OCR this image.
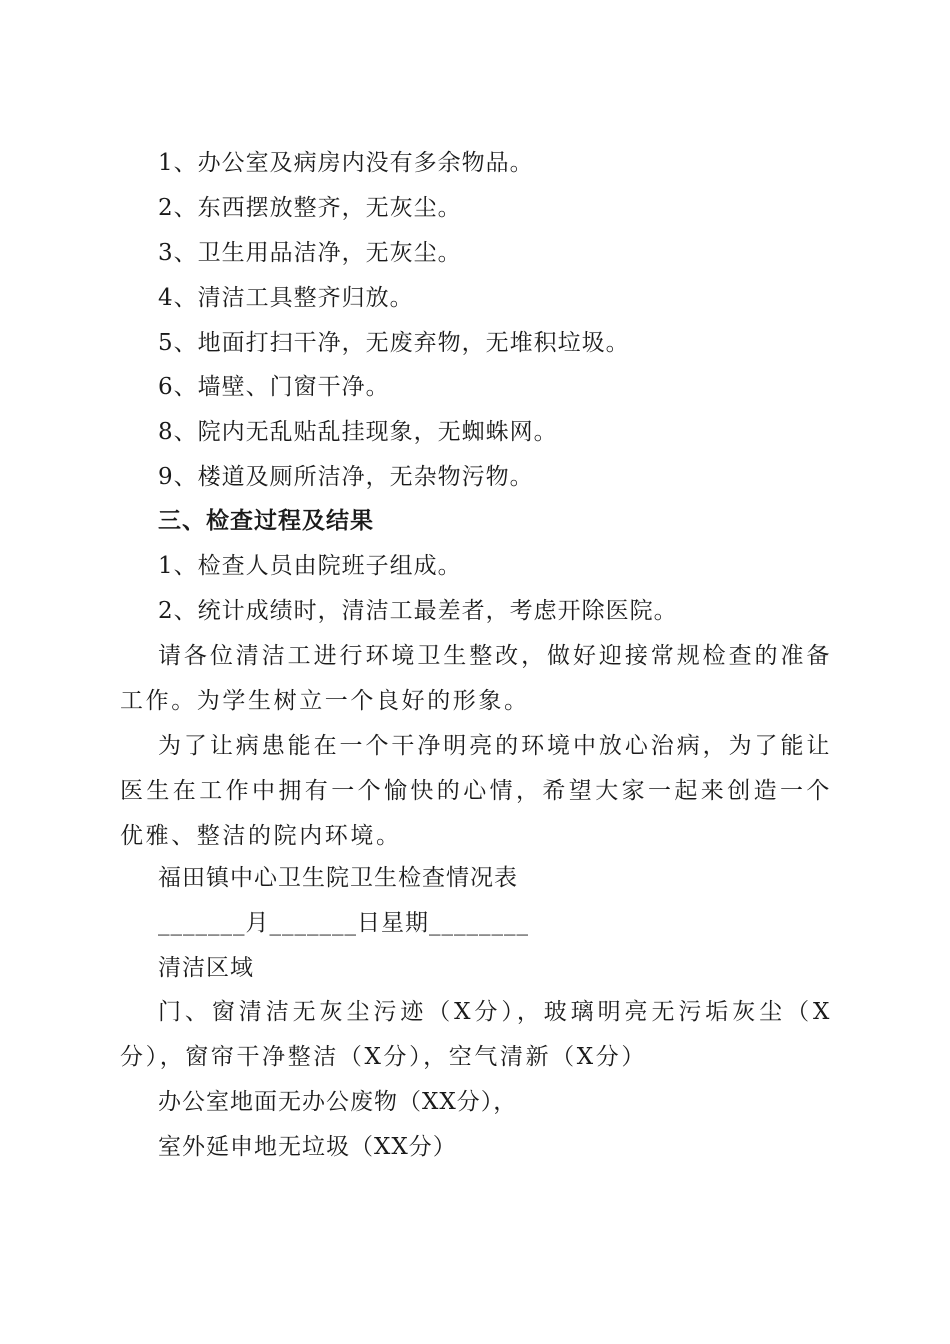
1、办公室及病房内没有多余物品。
2、东西摆放整齐，无灰尘。
3、卫生用品洁净，无灰尘。
4、清洁工具整齐归放。
5、地面打扫干净，无废弃物，无堆积垃圾。
6、墙壁、门窗干净。
8、院内无乱贴乱挂现象，无蜘蛛网。
9、楼道及厕所洁净，无杂物污物。
三、检查过程及结果
1、检查人员由院班子组成。
2、统计成绩时，清洁工最差者，考虑开除医院。
请各位清洁工进行环境卫生整改，做好迎接常规检查的准备工作。为学生树立一个良好的形象。
为了让病患能在一个干净明亮的环境中放心治病，为了能让医生在工作中拥有一个愉快的心情，希望大家一起来创造一个优雅、整洁的院内环境。
福田镇中心卫生院卫生检查情况表
_______月_______日星期________
清洁区域
门、窗清洁无灰尘污迹（X分），玻璃明亮无污垢灰尘（X分），窗帘干净整洁（X分），空气清新（X分）
办公室地面无办公废物（XX分），
室外延申地无垃圾（XX分）
